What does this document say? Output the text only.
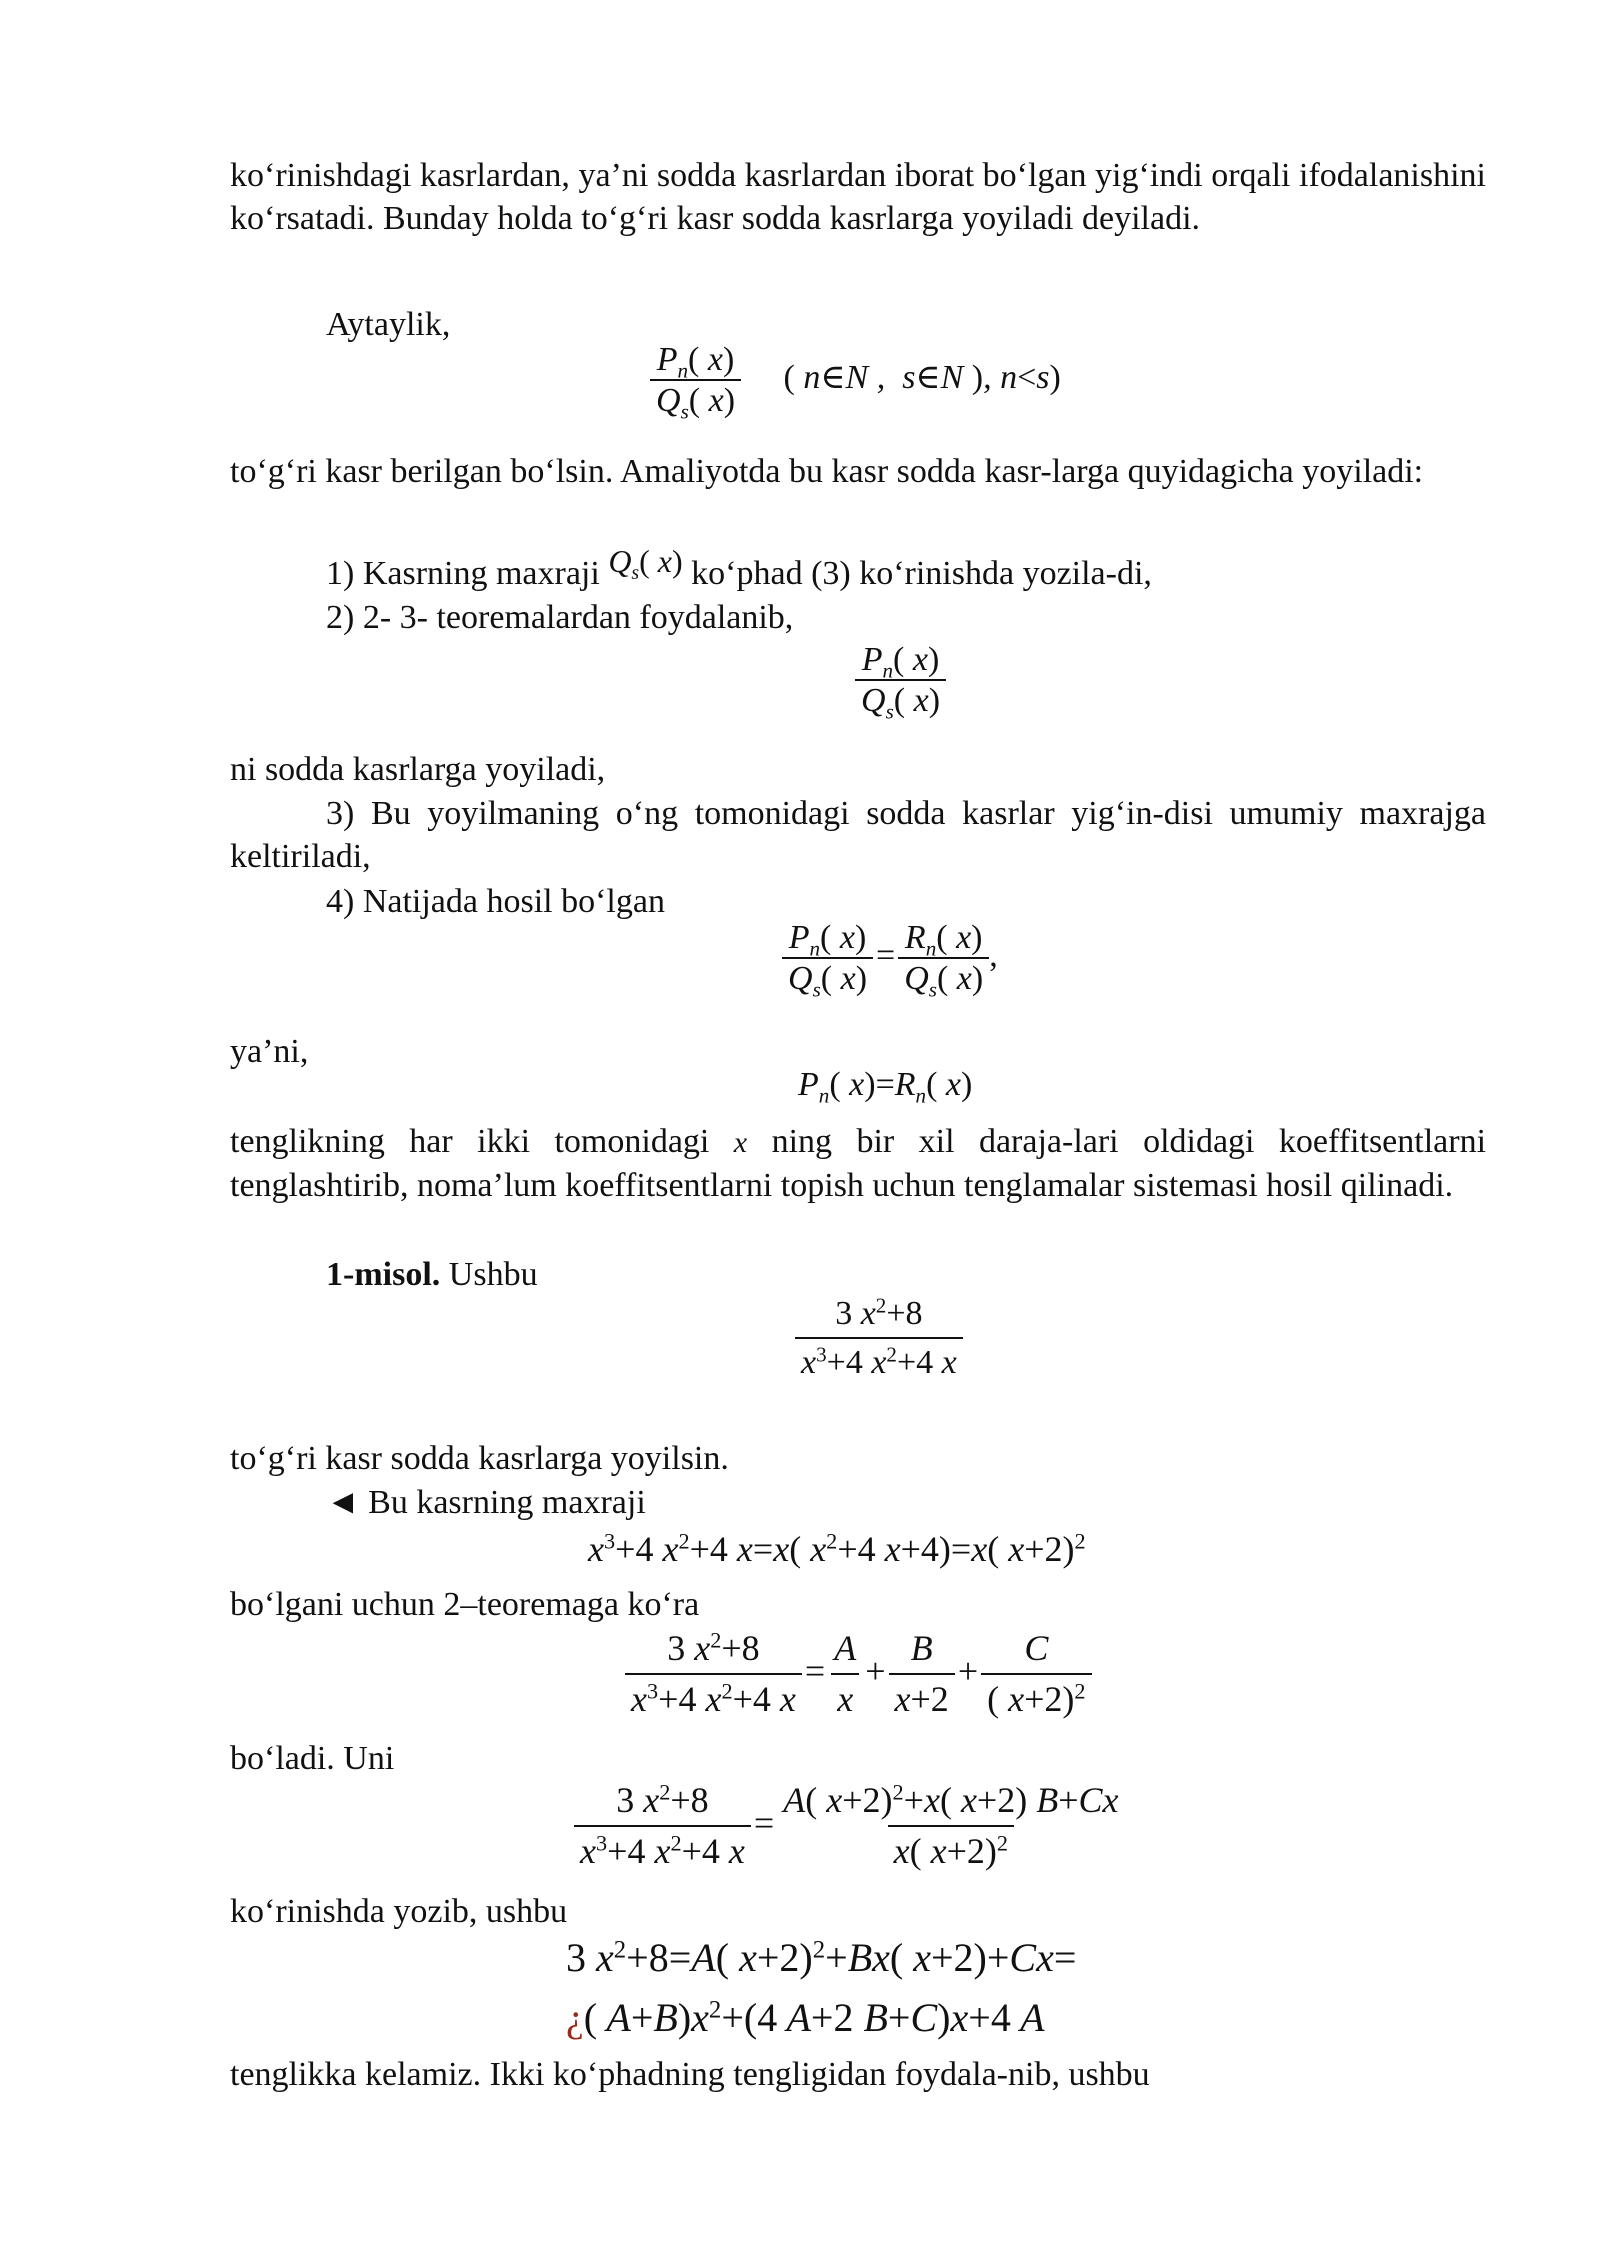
ko‘rinishdagi kasrlardan, ya’ni sodda kasrlardan iborat bo‘lgan yig‘indi orqali ifodalanishini ko‘rsatadi. Bunday holda to‘g‘ri kasr sodda kasrlarga yoyiladi deyiladi.
Aytaylik,
$\frac{P_n( x)}{Q_s( x)}$ ( n∈N ,  s∈N ), n<s)
to‘g‘ri kasr berilgan bo‘lsin. Amaliyotda bu kasr sodda kasr-larga quyidagicha yoyiladi:
1) Kasrning maxraji $Q_s$( x) ko‘phad (3) ko‘rinishda yozila-di,
2) 2- 3- teoremalardan foydalanib,
$\frac{P_n( x)}{Q_s( x)}$
ni sodda kasrlarga yoyiladi,
3) Bu yoyilmaning o‘ng tomonidagi sodda kasrlar yig‘in-disi umumiy maxrajga keltiriladi,
4) Natijada hosil bo‘lgan
$\frac{P_n( x)}{Q_s( x)} = \frac{R_n( x)}{Q_s( x)}$ ,
ya’ni,
$P_n$( $x)=R_n$( x)
tenglikning har ikki tomonidagi x ning bir xil daraja-lari oldidagi koeffitsentlarni tenglashtirib, noma’lum koeffitsentlarni topish uchun tenglamalar sistemasi hosil qilinadi.
1-misol. Ushbu
$\frac{3 x^2+8}{x^3+4 x^2+4 x}$
to‘g‘ri kasr sodda kasrlarga yoyilsin.
◄ Bu kasrning maxraji
$x^3+4$ $x^2+4$ x=x( $x^2+4$ x+4)=x( x+2)$^2$
bo‘lgani uchun 2–teoremaga ko‘ra
$\frac{3 x^2+8}{x^3+4 x^2+4 x} = \frac{A}{x} + \frac{B}{x+2} + \frac{C}{( x+2)^2}$
bo‘ladi. Uni
$\frac{3 x^2+8}{x^3+4 x^2+4 x} = \frac{A( x+2)^2+x( x+2) B+Cx}{x( x+2)^2}$
ko‘rinishda yozib, ushbu
3 $x^2+8=A$( x+2)$^2$+Bx( x+2)+Cx=
¿( $A+B)x^2+(4$ A+2 B+C)x+4 A
tenglikka kelamiz. Ikki ko‘phadning tengligidan foydala-nib, ushbu
